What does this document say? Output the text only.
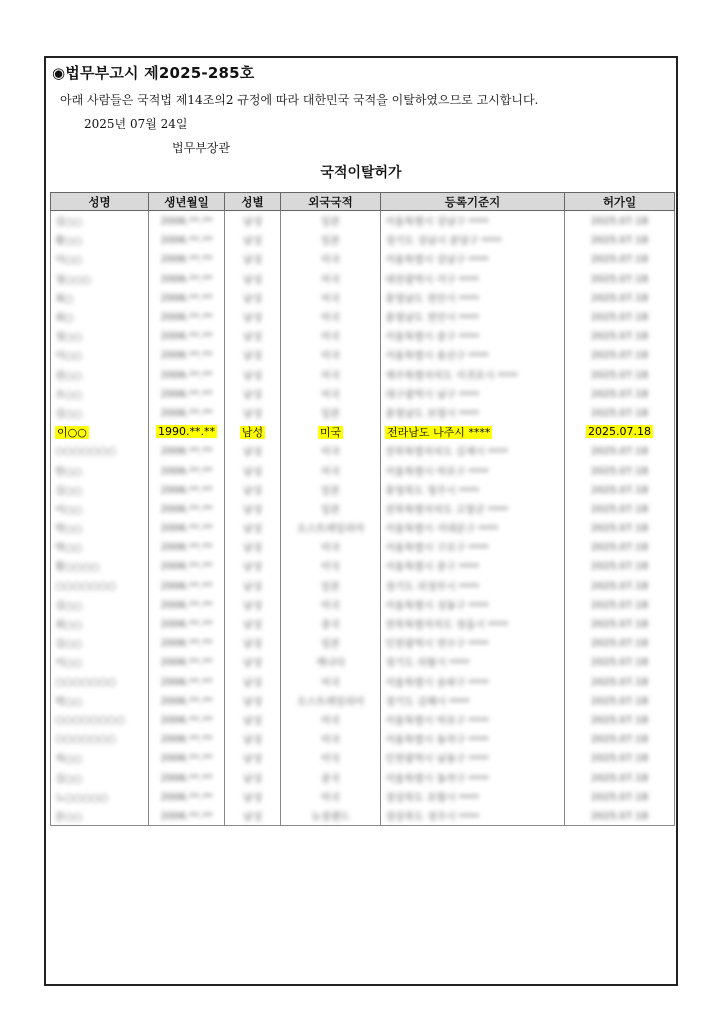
◉법무부고시 제2025-285호
아래 사람들은 국적법 제14조의2 규정에 따라 대한민국 국적을 이탈하였으므로 고시합니다.
2025년 07월 24일
법무부장관
국적이탈허가
성명	생년월일	성별	외국국적	등록기준지	허가일
김○○	2006.**.**	남성	일본	서울특별시 강남구 ****	2025.07.18
황○○	2006.**.**	남성	일본	경기도 성남시 분당구 ****	2025.07.18
이○○	2006.**.**	남성	미국	서울특별시 강남구 ****	2025.07.18
정○○○	2006.**.**	남성	미국	대전광역시 서구 ****	2025.07.18
최○	2006.**.**	남성	미국	충청남도 천안시 ****	2025.07.18
최○	2006.**.**	남성	미국	충청남도 천안시 ****	2025.07.18
정○○	2006.**.**	남성	미국	서울특별시 중구 ****	2025.07.18
이○○	2006.**.**	남성	미국	서울특별시 용산구 ****	2025.07.18
권○○	2006.**.**	남성	미국	제주특별자치도 서귀포시 ****	2025.07.18
조○○	2006.**.**	남성	미국	대구광역시 남구 ****	2025.07.18
김○○	2006.**.**	남성	일본	충청남도 보령시 ****	2025.07.18
이○○	1990.**.**	남성	미국	전라남도 나주시 ****	2025.07.18
○○○○○○○	2006.**.**	남성	미국	전북특별자치도 김제시 ****	2025.07.18
한○○	2006.**.**	남성	미국	서울특별시 마포구 ****	2025.07.18
김○○	2006.**.**	남성	일본	충청북도 청주시 ****	2025.07.18
이○○	2006.**.**	남성	일본	전북특별자치도 고창군 ****	2025.07.18
박○○	2006.**.**	남성	오스트레일리아	서울특별시 서대문구 ****	2025.07.18
박○○	2006.**.**	남성	미국	서울특별시 구로구 ****	2025.07.18
황○○○○	2006.**.**	남성	미국	서울특별시 중구 ****	2025.07.18
○○○○○○○	2006.**.**	남성	일본	경기도 의정부시 ****	2025.07.18
김○○	2006.**.**	남성	미국	서울특별시 성동구 ****	2025.07.18
최○○	2006.**.**	남성	중국	전북특별자치도 정읍시 ****	2025.07.18
김○○	2006.**.**	남성	일본	인천광역시 연수구 ****	2025.07.18
이○○	2006.**.**	남성	캐나다	경기도 의왕시 ****	2025.07.18
○○○○○○○	2006.**.**	남성	미국	서울특별시 송파구 ****	2025.07.18
박○○	2006.**.**	남성	오스트레일리아	경기도 김해시 ****	2025.07.18
○○○○○○○○	2006.**.**	남성	미국	서울특별시 마포구 ****	2025.07.18
○○○○○○○	2006.**.**	남성	미국	서울특별시 동작구 ****	2025.07.18
차○○	2006.**.**	남성	미국	인천광역시 남동구 ****	2025.07.18
김○○	2006.**.**	남성	중국	서울특별시 동작구 ****	2025.07.18
노○○○○○	2006.**.**	남성	미국	경상북도 포항시 ****	2025.07.18
문○○	2006.**.**	남성	뉴질랜드	경상북도 경주시 ****	2025.07.18
